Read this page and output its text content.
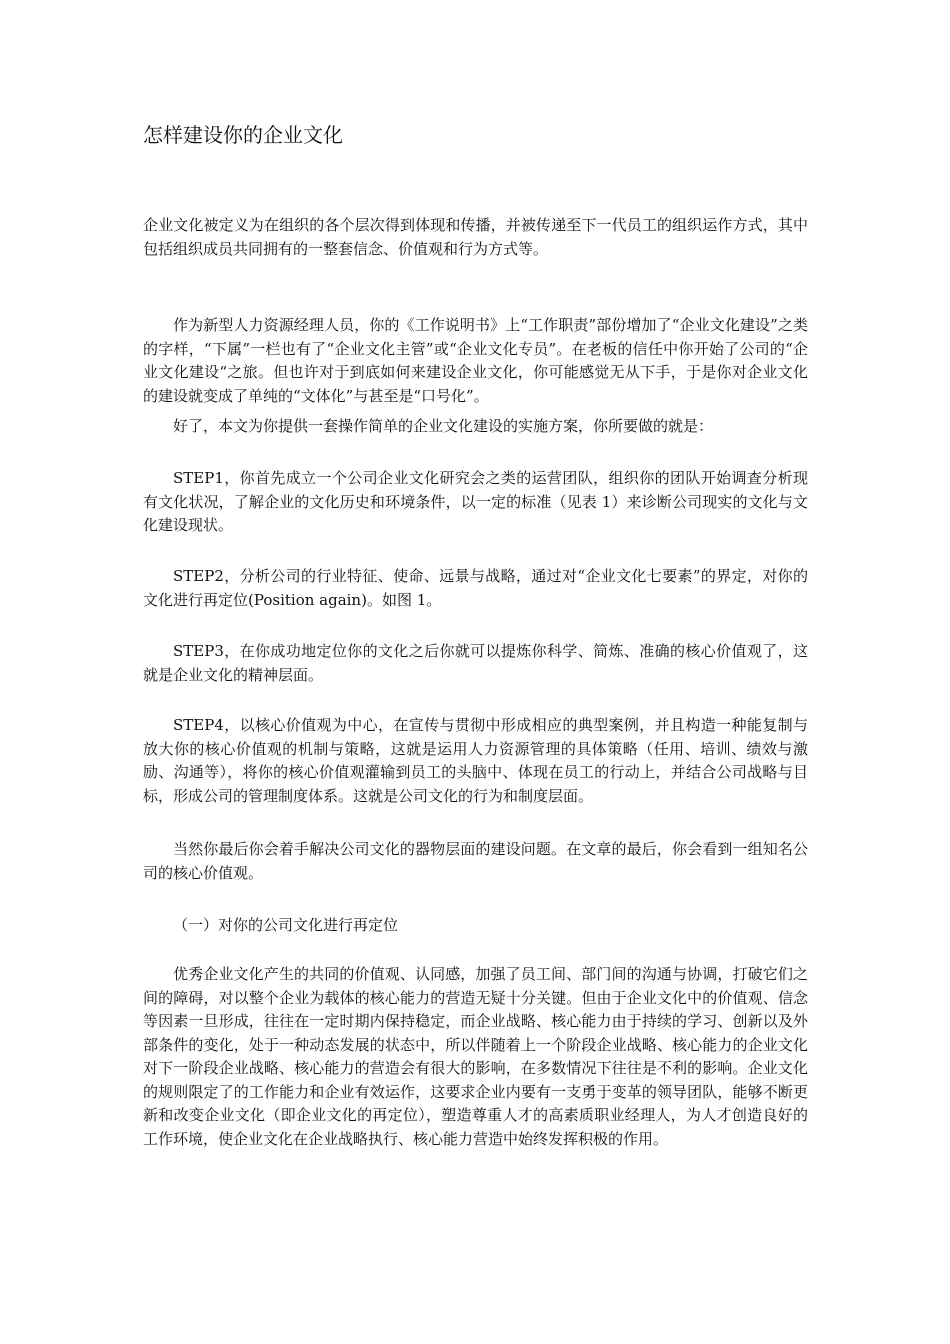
怎样建设你的企业文化

企业文化被定义为在组织的各个层次得到体现和传播，并被传递至下一代员工的组织运作方式，其中包括组织成员共同拥有的一整套信念、价值观和行为方式等。

作为新型人力资源经理人员，你的《工作说明书》上“工作职责”部份增加了“企业文化建设”之类的字样，“下属”一栏也有了“企业文化主管”或“企业文化专员”。在老板的信任中你开始了公司的“企业文化建设“之旅。但也许对于到底如何来建设企业文化，你可能感觉无从下手，于是你对企业文化的建设就变成了单纯的“文体化”与甚至是“口号化”。

好了，本文为你提供一套操作简单的企业文化建设的实施方案，你所要做的就是：

STEP1，你首先成立一个公司企业文化研究会之类的运营团队，组织你的团队开始调查分析现有文化状况，了解企业的文化历史和环境条件，以一定的标准（见表 1）来诊断公司现实的文化与文化建设现状。

STEP2，分析公司的行业特征、使命、远景与战略，通过对“企业文化七要素”的界定，对你的文化进行再定位(Position again)。如图 1。

STEP3，在你成功地定位你的文化之后你就可以提炼你科学、简炼、准确的核心价值观了，这就是企业文化的精神层面。

STEP4，以核心价值观为中心，在宣传与贯彻中形成相应的典型案例，并且构造一种能复制与放大你的核心价值观的机制与策略，这就是运用人力资源管理的具体策略（任用、培训、绩效与激励、沟通等），将你的核心价值观灌输到员工的头脑中、体现在员工的行动上，并结合公司战略与目标，形成公司的管理制度体系。这就是公司文化的行为和制度层面。

当然你最后你会着手解决公司文化的器物层面的建设问题。在文章的最后，你会看到一组知名公司的核心价值观。

（一）对你的公司文化进行再定位

优秀企业文化产生的共同的价值观、认同感，加强了员工间、部门间的沟通与协调，打破它们之间的障碍，对以整个企业为载体的核心能力的营造无疑十分关键。但由于企业文化中的价值观、信念等因素一旦形成，往往在一定时期内保持稳定，而企业战略、核心能力由于持续的学习、创新以及外部条件的变化，处于一种动态发展的状态中，所以伴随着上一个阶段企业战略、核心能力的企业文化对下一阶段企业战略、核心能力的营造会有很大的影响，在多数情况下往往是不利的影响。企业文化的规则限定了的工作能力和企业有效运作，这要求企业内要有一支勇于变革的领导团队，能够不断更新和改变企业文化（即企业文化的再定位），塑造尊重人才的高素质职业经理人，为人才创造良好的工作环境，使企业文化在企业战略执行、核心能力营造中始终发挥积极的作用。
